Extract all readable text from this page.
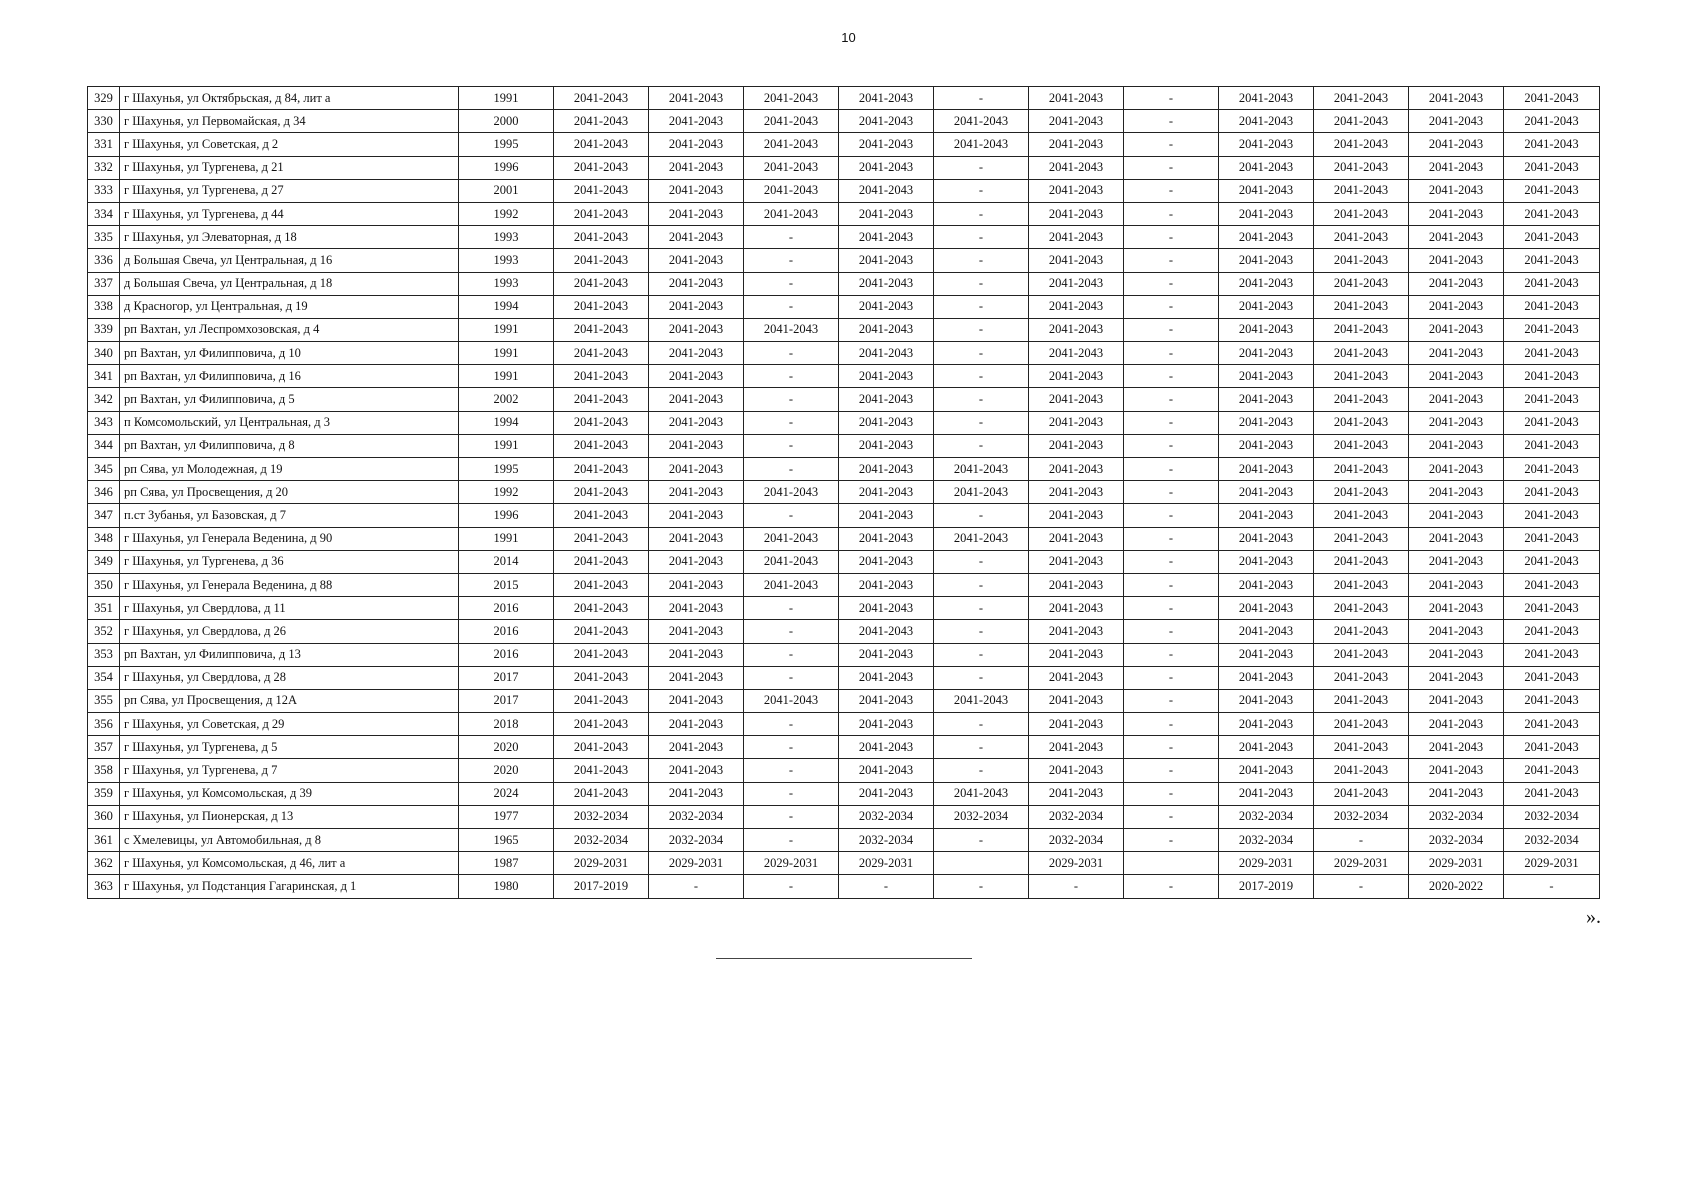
10
329	г Шахунья, ул Октябрьская, д 84, лит а	1991	2041-2043	2041-2043	2041-2043	2041-2043	-	2041-2043	-	2041-2043	2041-2043	2041-2043	2041-2043
330	г Шахунья, ул Первомайская, д 34	2000	2041-2043	2041-2043	2041-2043	2041-2043	2041-2043	2041-2043	-	2041-2043	2041-2043	2041-2043	2041-2043
331	г Шахунья, ул Советская, д 2	1995	2041-2043	2041-2043	2041-2043	2041-2043	2041-2043	2041-2043	-	2041-2043	2041-2043	2041-2043	2041-2043
332	г Шахунья, ул Тургенева, д 21	1996	2041-2043	2041-2043	2041-2043	2041-2043	-	2041-2043	-	2041-2043	2041-2043	2041-2043	2041-2043
333	г Шахунья, ул Тургенева, д 27	2001	2041-2043	2041-2043	2041-2043	2041-2043	-	2041-2043	-	2041-2043	2041-2043	2041-2043	2041-2043
334	г Шахунья, ул Тургенева, д 44	1992	2041-2043	2041-2043	2041-2043	2041-2043	-	2041-2043	-	2041-2043	2041-2043	2041-2043	2041-2043
335	г Шахунья, ул Элеваторная, д 18	1993	2041-2043	2041-2043	-	2041-2043	-	2041-2043	-	2041-2043	2041-2043	2041-2043	2041-2043
336	д Большая Свеча, ул Центральная, д 16	1993	2041-2043	2041-2043	-	2041-2043	-	2041-2043	-	2041-2043	2041-2043	2041-2043	2041-2043
337	д Большая Свеча, ул Центральная, д 18	1993	2041-2043	2041-2043	-	2041-2043	-	2041-2043	-	2041-2043	2041-2043	2041-2043	2041-2043
338	д Красногор, ул Центральная, д 19	1994	2041-2043	2041-2043	-	2041-2043	-	2041-2043	-	2041-2043	2041-2043	2041-2043	2041-2043
339	рп Вахтан, ул Леспромхозовская, д 4	1991	2041-2043	2041-2043	2041-2043	2041-2043	-	2041-2043	-	2041-2043	2041-2043	2041-2043	2041-2043
340	рп Вахтан, ул Филипповича, д 10	1991	2041-2043	2041-2043	-	2041-2043	-	2041-2043	-	2041-2043	2041-2043	2041-2043	2041-2043
341	рп Вахтан, ул Филипповича, д 16	1991	2041-2043	2041-2043	-	2041-2043	-	2041-2043	-	2041-2043	2041-2043	2041-2043	2041-2043
342	рп Вахтан, ул Филипповича, д 5	2002	2041-2043	2041-2043	-	2041-2043	-	2041-2043	-	2041-2043	2041-2043	2041-2043	2041-2043
343	п Комсомольский, ул Центральная, д 3	1994	2041-2043	2041-2043	-	2041-2043	-	2041-2043	-	2041-2043	2041-2043	2041-2043	2041-2043
344	рп Вахтан, ул Филипповича, д 8	1991	2041-2043	2041-2043	-	2041-2043	-	2041-2043	-	2041-2043	2041-2043	2041-2043	2041-2043
345	рп Сява, ул Молодежная, д 19	1995	2041-2043	2041-2043	-	2041-2043	2041-2043	2041-2043	-	2041-2043	2041-2043	2041-2043	2041-2043
346	рп Сява, ул Просвещения, д 20	1992	2041-2043	2041-2043	2041-2043	2041-2043	2041-2043	2041-2043	-	2041-2043	2041-2043	2041-2043	2041-2043
347	п.ст Зубанья, ул Базовская, д 7	1996	2041-2043	2041-2043	-	2041-2043	-	2041-2043	-	2041-2043	2041-2043	2041-2043	2041-2043
348	г Шахунья, ул Генерала Веденина, д 90	1991	2041-2043	2041-2043	2041-2043	2041-2043	2041-2043	2041-2043	-	2041-2043	2041-2043	2041-2043	2041-2043
349	г Шахунья, ул Тургенева, д 36	2014	2041-2043	2041-2043	2041-2043	2041-2043	-	2041-2043	-	2041-2043	2041-2043	2041-2043	2041-2043
350	г Шахунья, ул Генерала Веденина, д 88	2015	2041-2043	2041-2043	2041-2043	2041-2043	-	2041-2043	-	2041-2043	2041-2043	2041-2043	2041-2043
351	г Шахунья, ул Свердлова, д 11	2016	2041-2043	2041-2043	-	2041-2043	-	2041-2043	-	2041-2043	2041-2043	2041-2043	2041-2043
352	г Шахунья, ул Свердлова, д 26	2016	2041-2043	2041-2043	-	2041-2043	-	2041-2043	-	2041-2043	2041-2043	2041-2043	2041-2043
353	рп Вахтан, ул Филипповича, д 13	2016	2041-2043	2041-2043	-	2041-2043	-	2041-2043	-	2041-2043	2041-2043	2041-2043	2041-2043
354	г Шахунья, ул Свердлова, д 28	2017	2041-2043	2041-2043	-	2041-2043	-	2041-2043	-	2041-2043	2041-2043	2041-2043	2041-2043
355	рп Сява, ул Просвещения, д 12А	2017	2041-2043	2041-2043	2041-2043	2041-2043	2041-2043	2041-2043	-	2041-2043	2041-2043	2041-2043	2041-2043
356	г Шахунья, ул Советская, д 29	2018	2041-2043	2041-2043	-	2041-2043	-	2041-2043	-	2041-2043	2041-2043	2041-2043	2041-2043
357	г Шахунья, ул Тургенева, д 5	2020	2041-2043	2041-2043	-	2041-2043	-	2041-2043	-	2041-2043	2041-2043	2041-2043	2041-2043
358	г Шахунья, ул Тургенева, д 7	2020	2041-2043	2041-2043	-	2041-2043	-	2041-2043	-	2041-2043	2041-2043	2041-2043	2041-2043
359	г Шахунья, ул Комсомольская, д 39	2024	2041-2043	2041-2043	-	2041-2043	2041-2043	2041-2043	-	2041-2043	2041-2043	2041-2043	2041-2043
360	г Шахунья, ул Пионерская, д 13	1977	2032-2034	2032-2034	-	2032-2034	2032-2034	2032-2034	-	2032-2034	2032-2034	2032-2034	2032-2034
361	с Хмелевицы, ул Автомобильная, д 8	1965	2032-2034	2032-2034	-	2032-2034	-	2032-2034	-	2032-2034	-	2032-2034	2032-2034
362	г Шахунья, ул Комсомольская, д 46, лит а	1987	2029-2031	2029-2031	2029-2031	2029-2031		2029-2031		2029-2031	2029-2031	2029-2031	2029-2031
363	г Шахунья, ул Подстанция Гагаринская, д 1	1980	2017-2019	-	-	-	-	-	-	2017-2019	-	2020-2022	-
».
